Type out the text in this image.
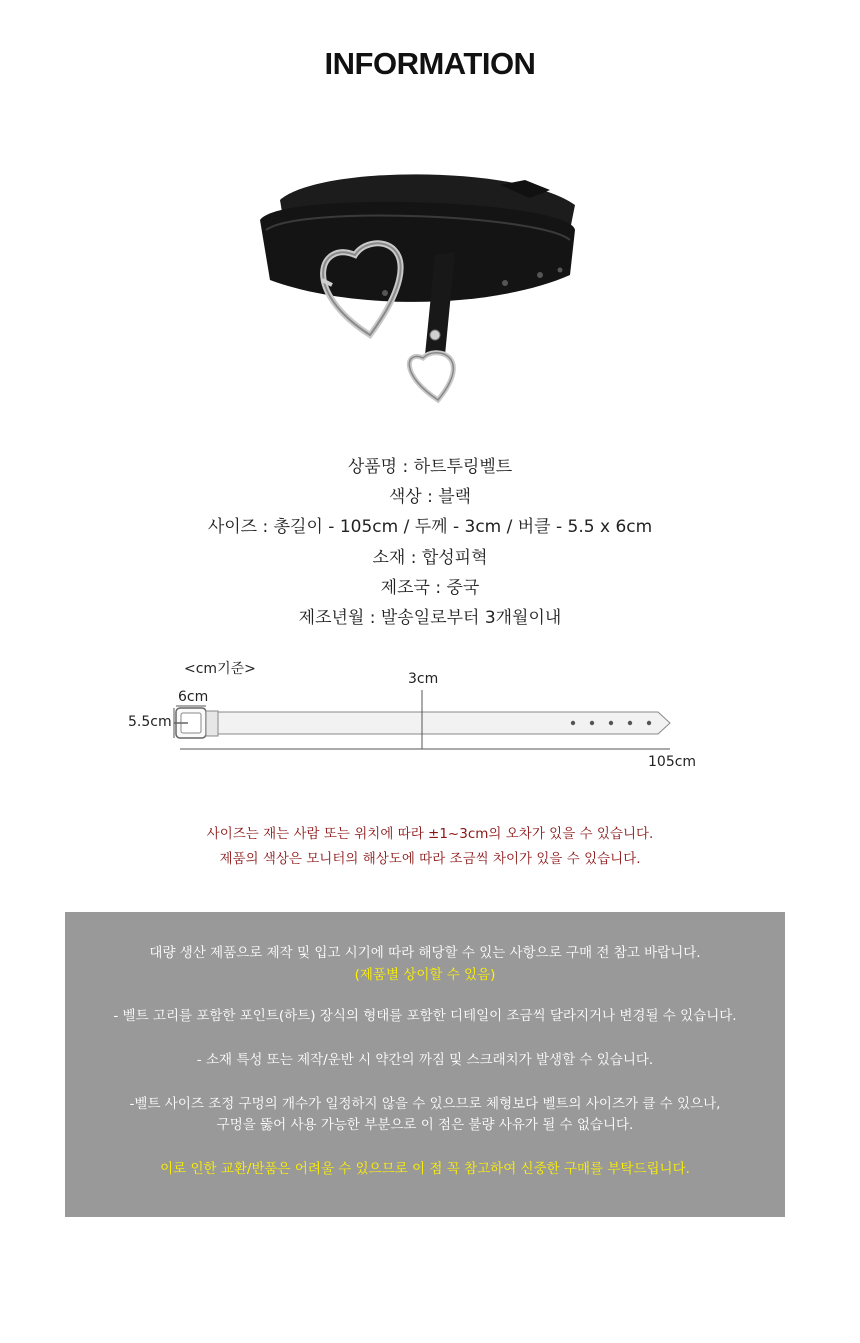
INFORMATION
상품명 : 하트투링벨트
색상 : 블랙
사이즈 : 총길이 - 105cm / 두께 - 3cm / 버클 - 5.5 x 6cm
소재 : 합성피혁
제조국 : 중국
제조년월 : 발송일로부터 3개월이내
<cm기준>
6cm
5.5cm
3cm
105cm
사이즈는 재는 사람 또는 위치에 따라 ±1~3cm의 오차가 있을 수 있습니다.
제품의 색상은 모니터의 해상도에 따라 조금씩 차이가 있을 수 있습니다.

대량 생산 제품으로 제작 및 입고 시기에 따라 해당할 수 있는 사항으로 구매 전 참고 바랍니다.

(제품별 상이할 수 있음)

- 벨트 고리를 포함한 포인트(하트) 장식의 형태를 포함한 디테일이 조금씩 달라지거나 변경될 수 있습니다.

- 소재 특성 또는 제작/운반 시 약간의 까짐 및 스크래치가 발생할 수 있습니다.

-벨트 사이즈 조정 구멍의 개수가 일정하지 않을 수 있으므로 체형보다 벨트의 사이즈가 클 수 있으나,

구멍을 뚫어 사용 가능한 부분으로 이 점은 불량 사유가 될 수 없습니다.

이로 인한 교환/반품은 어려울 수 있으므로 이 점 꼭 참고하여 신중한 구매를 부탁드립니다.
